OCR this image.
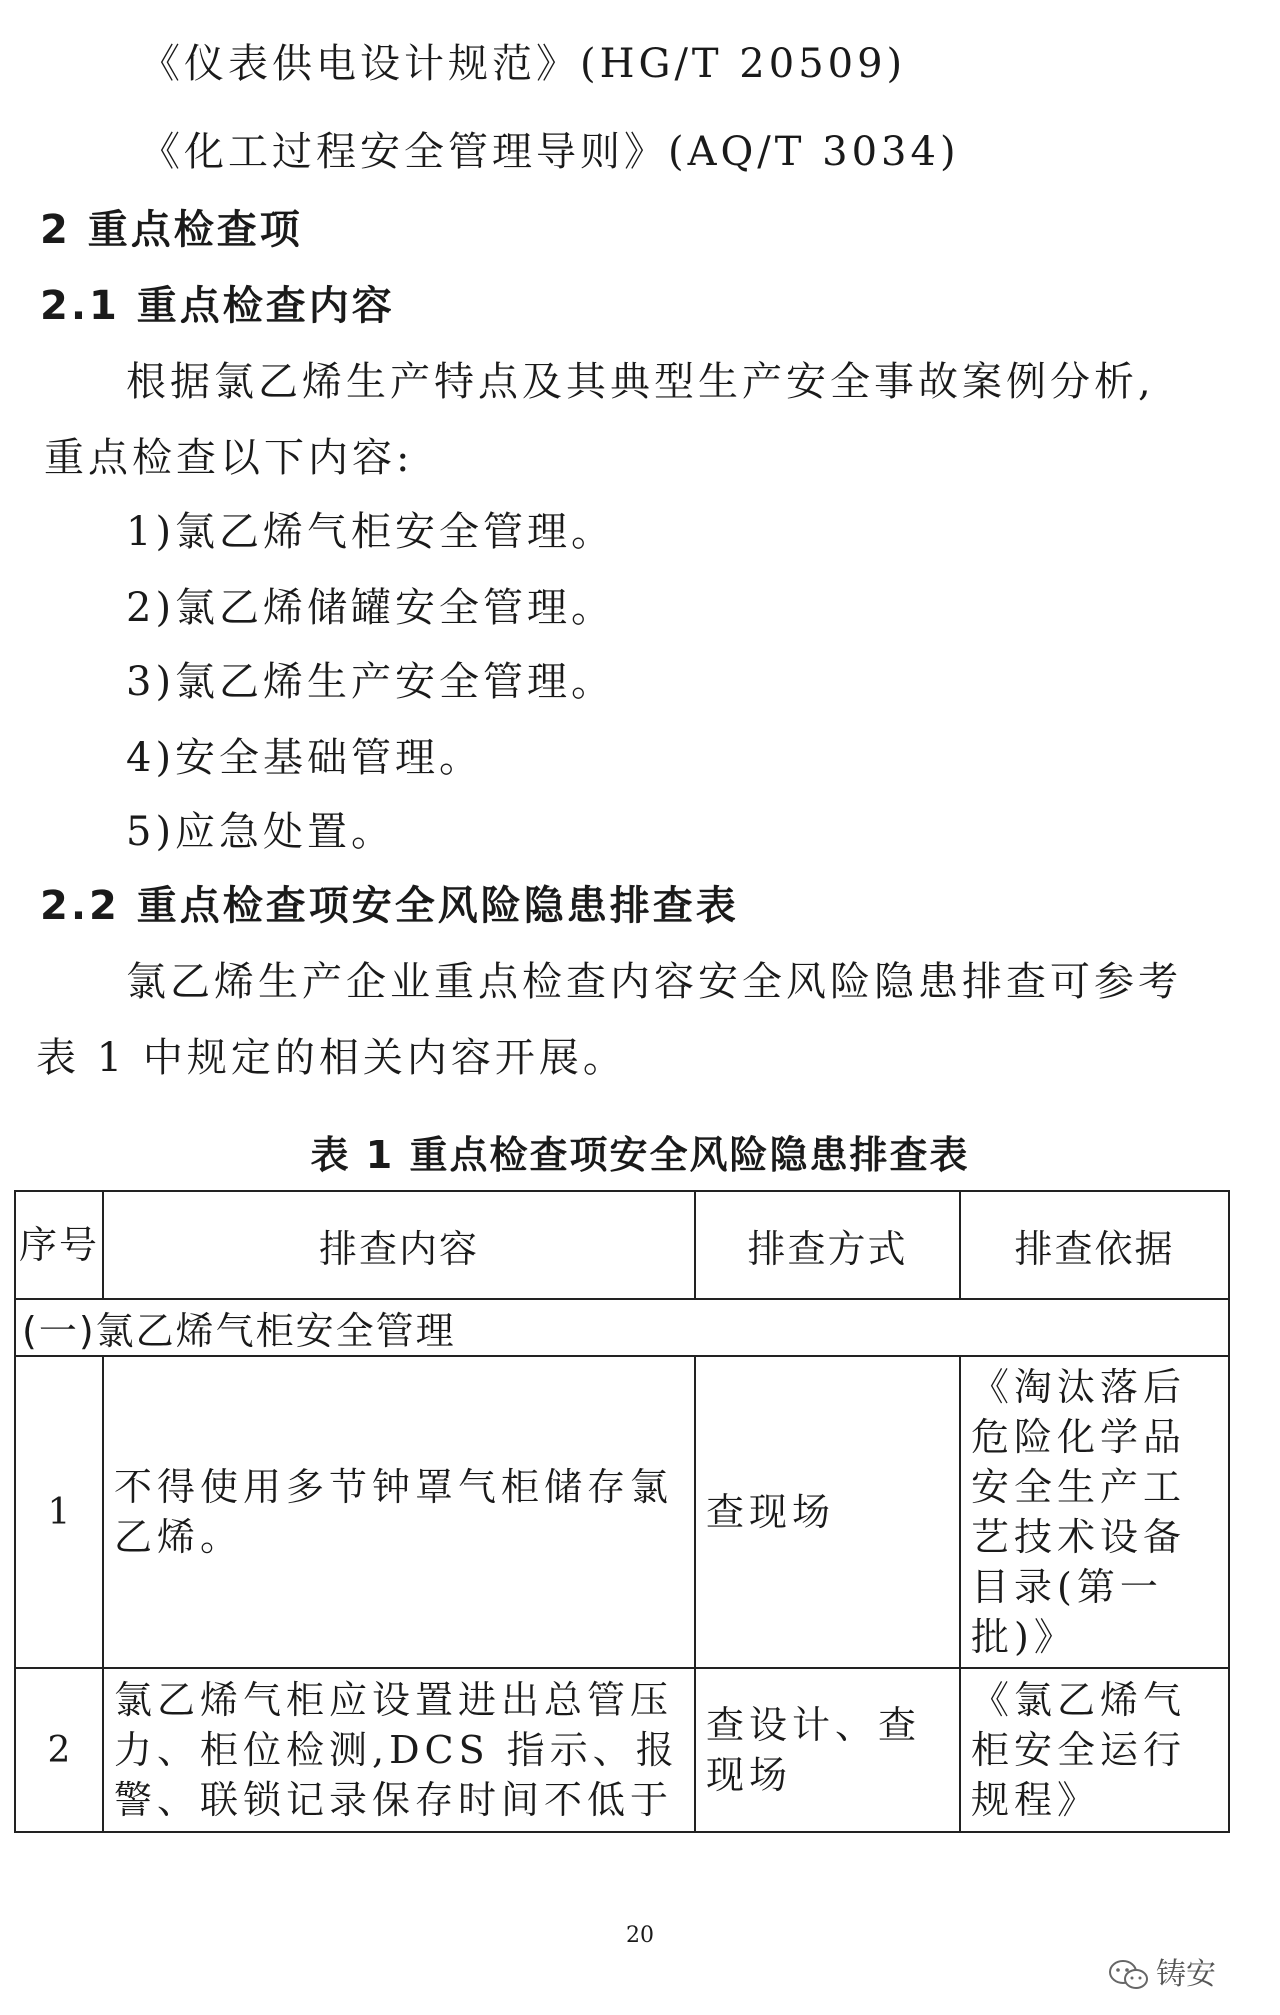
《仪表供电设计规范》(HG/T 20509)
《化工过程安全管理导则》(AQ/T 3034)
2 重点检查项
2.1 重点检查内容
根据氯乙烯生产特点及其典型生产安全事故案例分析,
重点检查以下内容:
1)氯乙烯气柜安全管理。
2)氯乙烯储罐安全管理。
3)氯乙烯生产安全管理。
4)安全基础管理。
5)应急处置。
2.2 重点检查项安全风险隐患排查表
氯乙烯生产企业重点检查内容安全风险隐患排查可参考
表 1 中规定的相关内容开展。
表 1 重点检查项安全风险隐患排查表
序号	排查内容	排查方式	排查依据
(一)氯乙烯气柜安全管理			
1	不得使用多节钟罩气柜储存氯乙烯。	查现场	《淘汰落后危险化学品安全生产工艺技术设备目录(第一批)》
2	氯乙烯气柜应设置进出总管压力、柜位检测,DCS 指示、报警、联锁记录保存时间不低于	查设计、查现场	《氯乙烯气柜安全运行规程》
20
铸安
